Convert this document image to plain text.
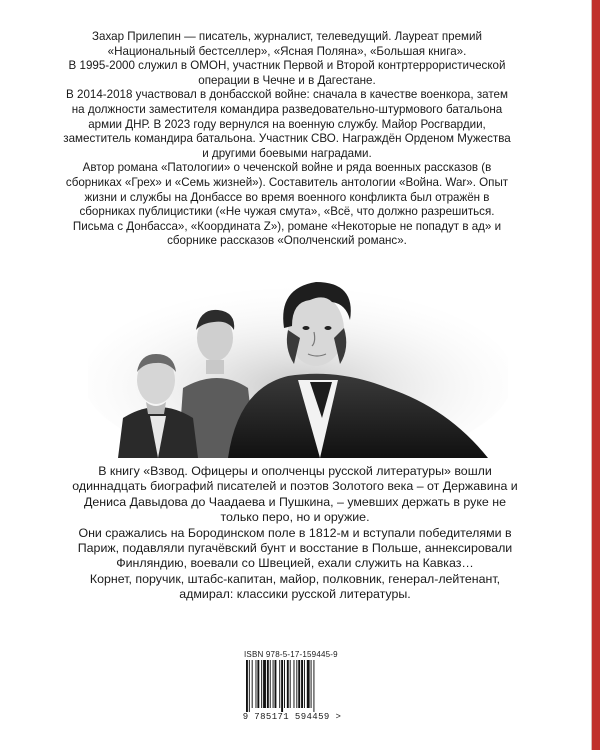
Захар Прилепин — писатель, журналист, телеведущий. Лауреат премий «Национальный бестселлер», «Ясная Поляна», «Большая книга».

В 1995-2000 служил в ОМОН, участник Первой и Второй контртеррористической операции в Чечне и в Дагестане.

В 2014-2018 участвовал в донбасской войне: сначала в качестве военкора, затем на должности заместителя командира разведовательно-штурмового батальона армии ДНР. В 2023 году вернулся на военную службу. Майор Росгвардии, заместитель командира батальона. Участник СВО. Награждён Орденом Мужества и другими боевыми наградами.

Автор романа «Патологии» о чеченской войне и ряда военных рассказов (в сборниках «Грех» и «Семь жизней»). Составитель антологии «Война. War». Опыт жизни и службы на Донбассе во время военного конфликта был отражён в сборниках публицистики («Не чужая смута», «Всё, что должно разрешиться. Письма с Донбасса», «Координата Z»), романе «Некоторые не попадут в ад» и сборнике рассказов «Ополченский романс».

В книгу «Взвод. Офицеры и ополченцы русской литературы» вошли одиннадцать биографий писателей и поэтов Золотого века – от Державина и Дениса Давыдова до Чаадаева и Пушкина, – умевших держать в руке не только перо, но и оружие.

Они сражались на Бородинском поле в 1812-м и вступали победителями в Париж, подавляли пугачёвский бунт и восстание в Польше, аннексировали Финляндию, воевали со Швецией, ехали служить на Кавказ…

Корнет, поручик, штабс-капитан, майор, полковник, генерал-лейтенант, адмирал: классики русской литературы.

ISBN 978-5-17-159445-9
9 785171 594459 >
